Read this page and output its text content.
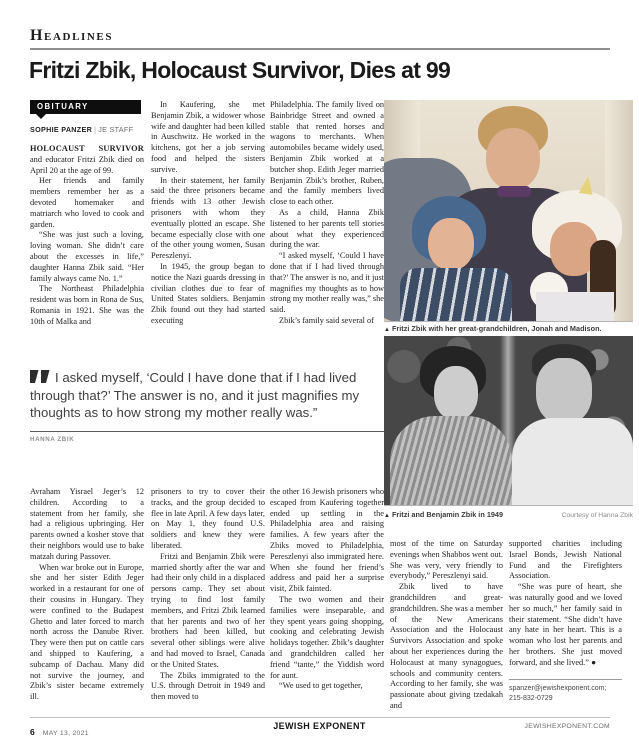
Headlines
Fritzi Zbik, Holocaust Survivor, Dies at 99
OBITUARY
SOPHIE PANZER | JE STAFF

HOLOCAUST SURVIVOR and educator Fritzi Zbik died on April 20 at the age of 99.

Her friends and family members remember her as a devoted homemaker and matriarch who loved to cook and garden.

“She was just such a loving, loving woman. She didn’t care about the excesses in life,” daughter Hanna Zbik said. “Her family always came No. 1.”

The Northeast Philadelphia resident was born in Rona de Sus, Romania in 1921. She was the 10th of Malka and

In Kaufering, she met Benjamin Zbik, a widower whose wife and daughter had been killed in Auschwitz. He worked in the kitchens, got her a job serving food and helped the sisters survive.

In their statement, her family said the three prisoners became friends with 13 other Jewish prisoners with whom they eventually plotted an escape. She became especially close with one of the other young women, Susan Pereszlenyi.

In 1945, the group began to notice the Nazi guards dressing in civilian clothes due to fear of United States soldiers. Benjamin Zbik found out they had started executing

Philadelphia. The family lived on Bainbridge Street and owned a stable that rented horses and wagons to merchants. When automobiles became widely used, Benjamin Zbik worked at a butcher shop. Edith Jeger married Benjamin Zbik’s brother, Ruben, and the family members lived close to each other.

As a child, Hanna Zbik listened to her parents tell stories about what they experienced during the war.

“I asked myself, ‘Could I have done that if I had lived through that?’ The answer is no, and it just magnifies my thoughts as to how strong my mother really was,” she said.

Zbik’s family said several of

▲ Fritzi Zbik with her great-grandchildren, Jonah and Madison.
I asked myself, ‘Could I have done that if I had lived through that?’ The answer is no, and it just magnifies my thoughts as to how strong my mother really was.”
HANNA ZBIK
▲ Fritzi and Benjamin Zbik in 1949	Courtesy of Hanna Zbik

Avraham Yisrael Jeger’s 12 children. According to a statement from her family, she had a religious upbringing. Her parents owned a kosher stove that their neighbors would use to bake matzah during Passover.

When war broke out in Europe, she and her sister Edith Jeger worked in a restaurant for one of their cousins in Hungary. They were confined to the Budapest Ghetto and later forced to march north across the Danube River. They were then put on cattle cars and shipped to Kaufering, a subcamp of Dachau. Many did not survive the journey, and Zbik’s sister became extremely ill.

prisoners to try to cover their tracks, and the group decided to flee in late April. A few days later, on May 1, they found U.S. soldiers and knew they were liberated.

Fritzi and Benjamin Zbik were married shortly after the war and had their only child in a displaced persons camp. They set about trying to find lost family members, and Fritzi Zbik learned that her parents and two of her brothers had been killed, but several other siblings were alive and had moved to Israel, Canada or the United States.

The Zbiks immigrated to the U.S. through Detroit in 1949 and then moved to

the other 16 Jewish prisoners who escaped from Kaufering together ended up settling in the Philadelphia area and raising families. A few years after the Zbiks moved to Philadelphia, Pereszlenyi also immigrated here. When she found her friend’s address and paid her a surprise visit, Zbik fainted.

The two women and their families were inseparable, and they spent years going shopping, cooking and celebrating Jewish holidays together. Zbik’s daughter and grandchildren called her friend “tante,” the Yiddish word for aunt.

“We used to get together,

most of the time on Saturday evenings when Shabbos went out. She was very, very friendly to everybody,” Pereszlenyi said.

Zbik lived to have grandchildren and great-grandchildren. She was a member of the New Americans Association and the Holocaust Survivors Association and spoke about her experiences during the Holocaust at many synagogues, schools and community centers. According to her family, she was passionate about giving tzedakah and

supported charities including Israel Bonds, Jewish National Fund and the Firefighters Association.

“She was pure of heart, she was naturally good and we loved her so much,” her family said in their statement. “She didn’t have any hate in her heart. This is a woman who lost her parents and her brothers. She just moved forward, and she lived.” ●

spanzer@jewishexponent.com;
215-832-0729
6 MAY 13, 2021
JEWISH EXPONENT	JEWISHEXPONENT.COM
